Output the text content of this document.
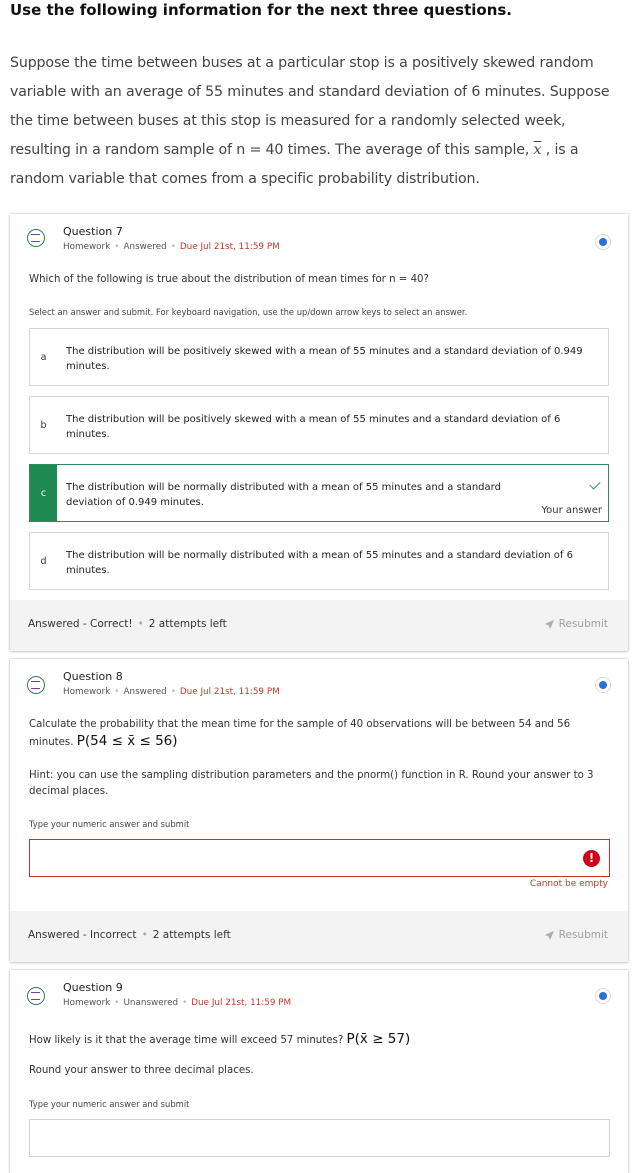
Use the following information for the next three questions.
Suppose the time between buses at a particular stop is a positively skewed random variable with an average of 55 minutes and standard deviation of 6 minutes. Suppose the time between buses at this stop is measured for a randomly selected week, resulting in a random sample of n = 40 times. The average of this sample, $\overline{x}$ , is a random variable that comes from a specific probability distribution.
Question 7
Homework • Answered • Due Jul 21st, 11:59 PM
Which of the following is true about the distribution of mean times for n = 40?
Select an answer and submit. For keyboard navigation, use the up/down arrow keys to select an answer.
a	The distribution will be positively skewed with a mean of 55 minutes and a standard deviation of 0.949 minutes.
b	The distribution will be positively skewed with a mean of 55 minutes and a standard deviation of 6 minutes.
c	The distribution will be normally distributed with a mean of 55 minutes and a standard deviation of 0.949 minutes.
Your answer
d	The distribution will be normally distributed with a mean of 55 minutes and a standard deviation of 6 minutes.
Answered - Correct! • 2 attempts left	Resubmit
Question 8
Homework • Answered • Due Jul 21st, 11:59 PM
Calculate the probability that the mean time for the sample of 40 observations will be between 54 and 56 minutes. P(54 ≤ x̄ ≤ 56)
Hint: you can use the sampling distribution parameters and the pnorm() function in R. Round your answer to 3 decimal places.
Type your numeric answer and submit
!
Cannot be empty
Answered - Incorrect • 2 attempts left	Resubmit
Question 9
Homework • Unanswered • Due Jul 21st, 11:59 PM
How likely is it that the average time will exceed 57 minutes? P(x̄ ≥ 57)
Round your answer to three decimal places.
Type your numeric answer and submit
